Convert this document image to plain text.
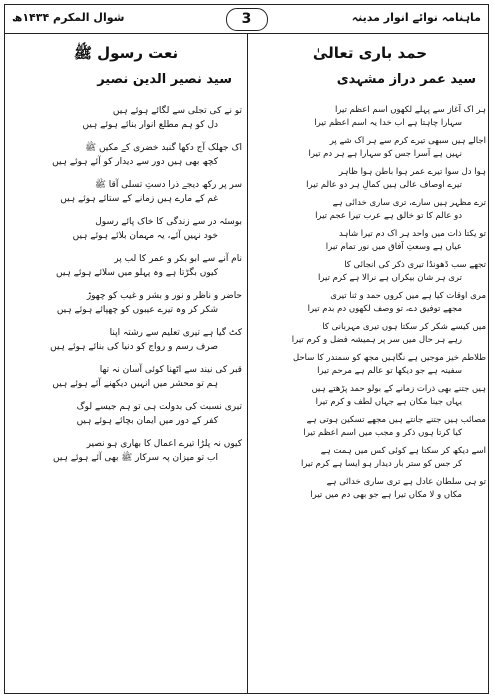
ماہنامہ نوائے انوار مدینہ
3
شوال المکرم ۱۴۳۴ھ
حمد باری تعالیٰ
سید عمر دراز مشہدی
ہر اک آغاز سے پہلے لکھوں اسم اعظم تیرا
سہارا چاہتا ہے اب خدا یہ اسم اعظم تیرا
اجالے ہیں سبھی تیرے کرم سے ہر اک شے پر
نہیں ہے آسرا جس کو سہارا ہے ہر دم تیرا
ہوا دل سوا تیرے عمر ہوا باطن ہوا ظاہر
تیرے اوصاف عالی ہیں کمالِ ہر دو عالم تیرا
ترے مظہر ہیں سارے، تری ساری خدائی ہے
دو عالم کا تو خالق ہے عرب تیرا عجم تیرا
تو یکتا ذات میں واحد ہر اک دم تیرا شاہد
عیاں ہے وسعتِ آفاق میں نور تمام تیرا
تجھے سب ڈھونڈا تیری ذکر کی انجائی کا
تری ہر شان بیکراں ہے نرالا ہے کرم تیرا
مری اوقات کیا ہے میں کروں حمد و ثنا تیری
مجھے توفیق دے، تو وصف لکھوں دم بدم تیرا
میں کیسے شکر کر سکتا ہوں تیری مہربانی کا
رہے ہر حال میں سر پر ہمیشہ فضل و کرم تیرا
طلاطم خیز موجیں ہے نگاہیں مجھ کو سمندر کا ساحل
سفینہ ہے جو دیکھا تو عالم ہے مرحم تیرا
ہیں جتنے بھی ذرات زمانے کے بولو حمد پڑھتے ہیں
یہاں جینا مکان ہے جہاں لطف و کرم تیرا
مصائب ہیں جتنے جانتے ہیں مجھے تسکین ہوتی ہے
کیا کرتا ہوں ذکر و مجب میں اسم اعظم تیرا
اسے دیکھ کر سکتا ہے کوئی کس میں ہمت ہے
کر جس کو ستر بار دیدار ہو ایسا ہے کرم تیرا
تو ہی سلطان عادل ہے تری ساری خدائی ہے
مکاں و لا مکاں تیرا ہے جو بھی دم میں تیرا
نعت رسول ﷺ
سید نصیر الدین نصیر
تو نے کی تجلی سے لگائے ہوئے ہیں
دل کو ہم مطلع انوار بنائے ہوئے ہیں
اک جھلک آج دکھا گنبد خضری کے مکیں ﷺ
کچھ بھی ہیں دور سے دیدار کو آئے ہوئے ہیں
سر پر رکھ دیجے ذرا دستِ تسلی آقا ﷺ
غم کے مارے ہیں زمانے کے ستائے ہوئے ہیں
بوسئہ در سے زندگی کا خاک پائے رسول
خود نہیں آئے، یہ مہمان بلائے ہوئے ہیں
نام آنے سے ابو بکر و عمر کا لب پر
کیوں بگڑتا ہے وہ پہلو میں سلائے ہوئے ہیں
حاضر و ناظر و نور و بشر و غیب کو چھوڑ
شکر کر وہ تیرے عیبوں کو چھپائے ہوئے ہیں
کٹ گیا ہے تیری تعلیم سے رشتہ اپنا
صرف رسم و رواج کو دنیا کی بنائے ہوئے ہیں
قبر کی نیند سے اٹھنا کوئی آسان نہ تھا
ہم تو محشر میں انہیں دیکھنے آئے ہوئے ہیں
تیری نسبت کی بدولت ہی تو ہم جیسے لوگ
کفر کے دور میں ایمان بچائے ہوئے ہیں
کیوں نہ پلڑا تیرے اعمال کا بھاری ہو نصیر
اب تو میزان پہ سرکار ﷺ بھی آئے ہوئے ہیں
